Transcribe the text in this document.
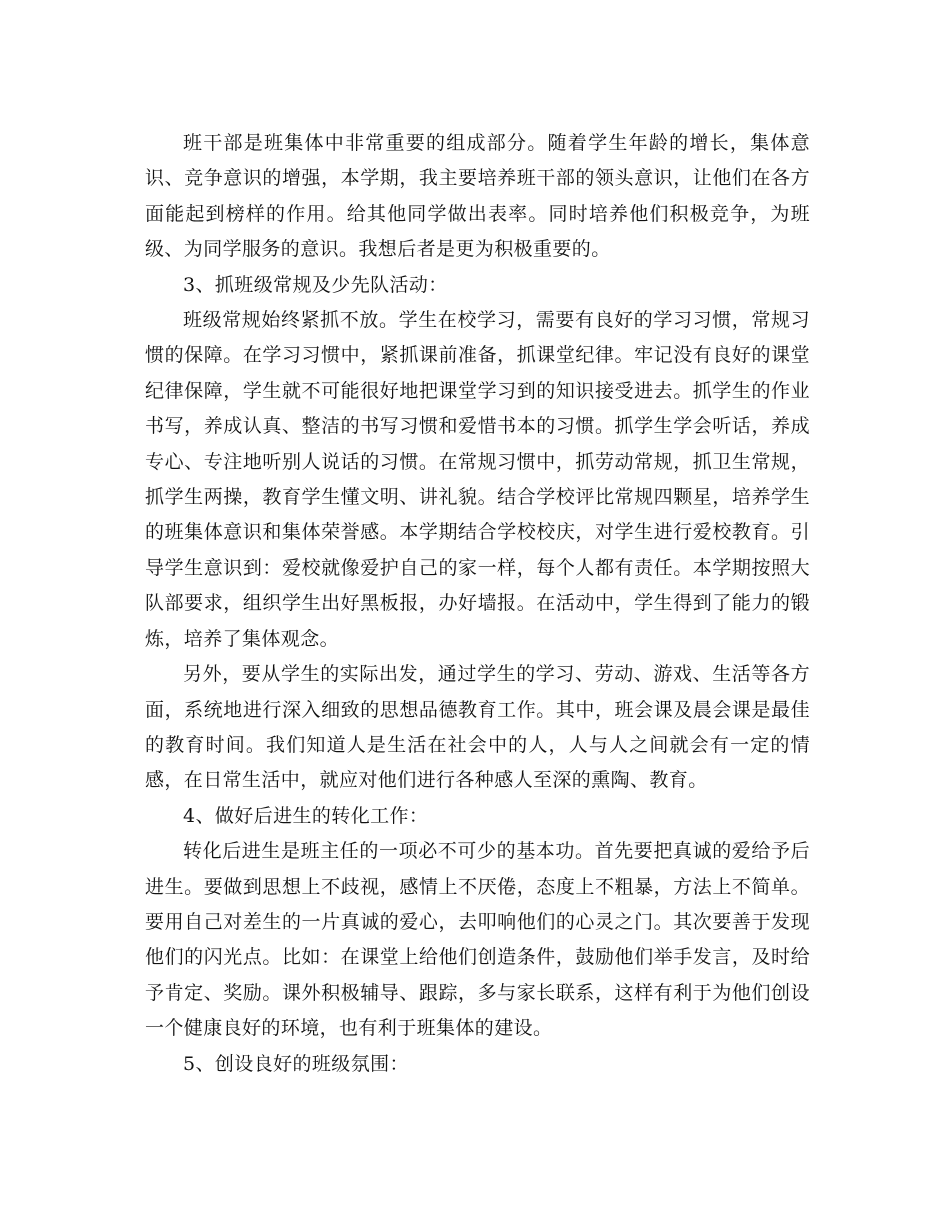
班干部是班集体中非常重要的组成部分。随着学生年龄的增长，集体意识、竞争意识的增强，本学期，我主要培养班干部的领头意识，让他们在各方面能起到榜样的作用。给其他同学做出表率。同时培养他们积极竞争，为班级、为同学服务的意识。我想后者是更为积极重要的。

3、抓班级常规及少先队活动：

班级常规始终紧抓不放。学生在校学习，需要有良好的学习习惯，常规习惯的保障。在学习习惯中，紧抓课前准备，抓课堂纪律。牢记没有良好的课堂纪律保障，学生就不可能很好地把课堂学习到的知识接受进去。抓学生的作业书写，养成认真、整洁的书写习惯和爱惜书本的习惯。抓学生学会听话，养成专心、专注地听别人说话的习惯。在常规习惯中，抓劳动常规，抓卫生常规，抓学生两操，教育学生懂文明、讲礼貌。结合学校评比常规四颗星，培养学生的班集体意识和集体荣誉感。本学期结合学校校庆，对学生进行爱校教育。引导学生意识到：爱校就像爱护自己的家一样，每个人都有责任。本学期按照大队部要求，组织学生出好黑板报，办好墙报。在活动中，学生得到了能力的锻炼，培养了集体观念。

另外，要从学生的实际出发，通过学生的学习、劳动、游戏、生活等各方面，系统地进行深入细致的思想品德教育工作。其中，班会课及晨会课是最佳的教育时间。我们知道人是生活在社会中的人，人与人之间就会有一定的情感，在日常生活中，就应对他们进行各种感人至深的熏陶、教育。

4、做好后进生的转化工作：

转化后进生是班主任的一项必不可少的基本功。首先要把真诚的爱给予后进生。要做到思想上不歧视，感情上不厌倦，态度上不粗暴，方法上不简单。要用自己对差生的一片真诚的爱心，去叩响他们的心灵之门。其次要善于发现他们的闪光点。比如：在课堂上给他们创造条件，鼓励他们举手发言，及时给予肯定、奖励。课外积极辅导、跟踪，多与家长联系，这样有利于为他们创设一个健康良好的环境，也有利于班集体的建设。

5、创设良好的班级氛围：
